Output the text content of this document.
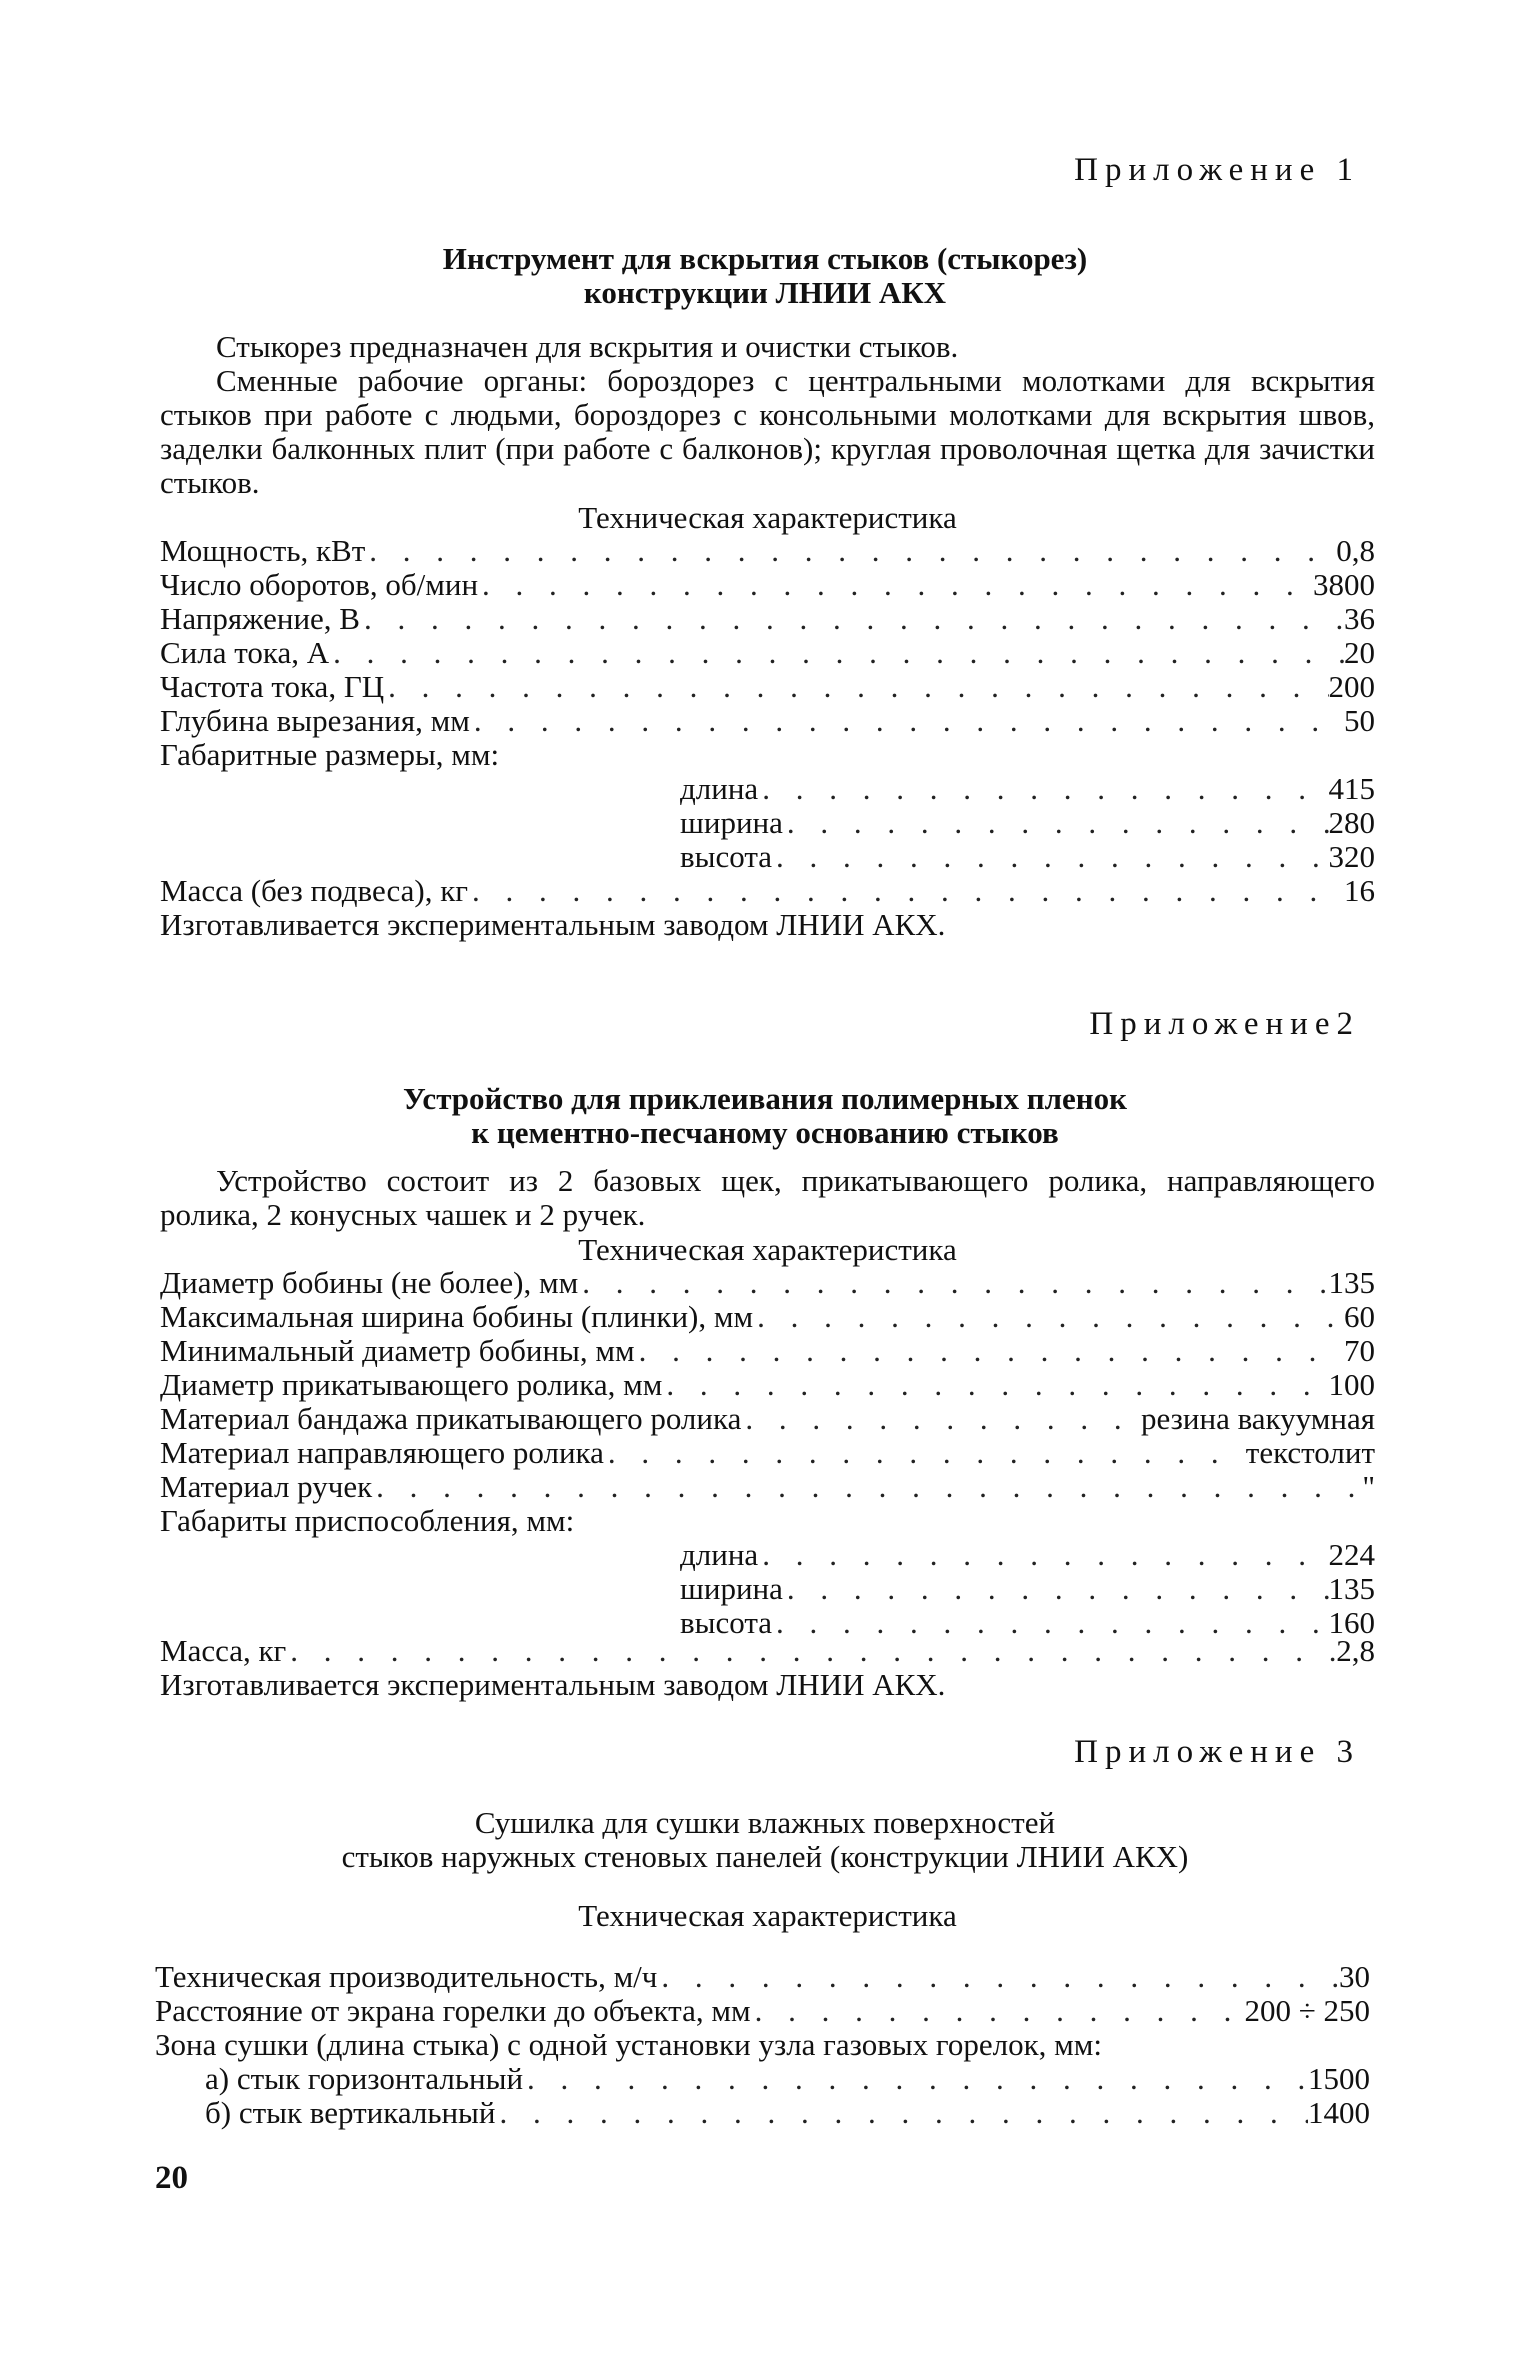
Приложение 1
Инструмент для вскрытия стыков (стыкорез)
конструкции ЛНИИ АКХ

Стыкорез предназначен для вскрытия и очистки стыков.

Сменные рабочие органы: бороздорез с центральными молотками для вскрытия стыков при работе с людьми, бороздорез с консольными молотками для вскрытия швов, заделки балконных плит (при работе с балконов); круглая проволочная щетка для зачистки стыков.

Техническая характеристика
Мощность, кВт . . .	0,8
Число оборотов, об/мин . . .	3800
Напряжение, В . . .	36
Сила тока, А . . .	20
Частота тока, ГЦ . . .	200
Глубина вырезания, мм . . .	50
Габаритные размеры, мм:
длина . . .	415
ширина . . .	280
высота . . .	320
Масса (без подвеса), кг . . .	16
Изготавливается экспериментальным заводом ЛНИИ АКХ.
Приложение2
Устройство для приклеивания полимерных пленок
к цементно-песчаному основанию стыков

Устройство состоит из 2 базовых щек, прикатывающего ролика, направляющего ролика, 2 конусных чашек и 2 ручек.

Техническая характеристика
Диаметр бобины (не более), мм . . .	135
Максимальная ширина бобины (плинки), мм . . .	60
Минимальный диаметр бобины, мм . . .	70
Диаметр прикатывающего ролика, мм . . .	100
Материал бандажа прикатывающего ролика . . .	резина вакуумная
Материал направляющего ролика . . .	текстолит
Материал ручек . . .	"
Габариты приспособления, мм:
длина . . .	224
ширина . . .	135
высота . . .	160
Масса, кг . . .	2,8
Изготавливается экспериментальным заводом ЛНИИ АКХ.
Приложение 3
Сушилка для сушки влажных поверхностей
стыков наружных стеновых панелей (конструкции ЛНИИ АКХ)
Техническая характеристика
Техническая производительность, м/ч . . .	30
Расстояние от экрана горелки до объекта, мм . . .	200 ÷ 250
Зона сушки (длина стыка) с одной установки узла газовых горелок, мм:
а) стык горизонтальный . . .	1500
б) стык вертикальный . . .	1400
20
